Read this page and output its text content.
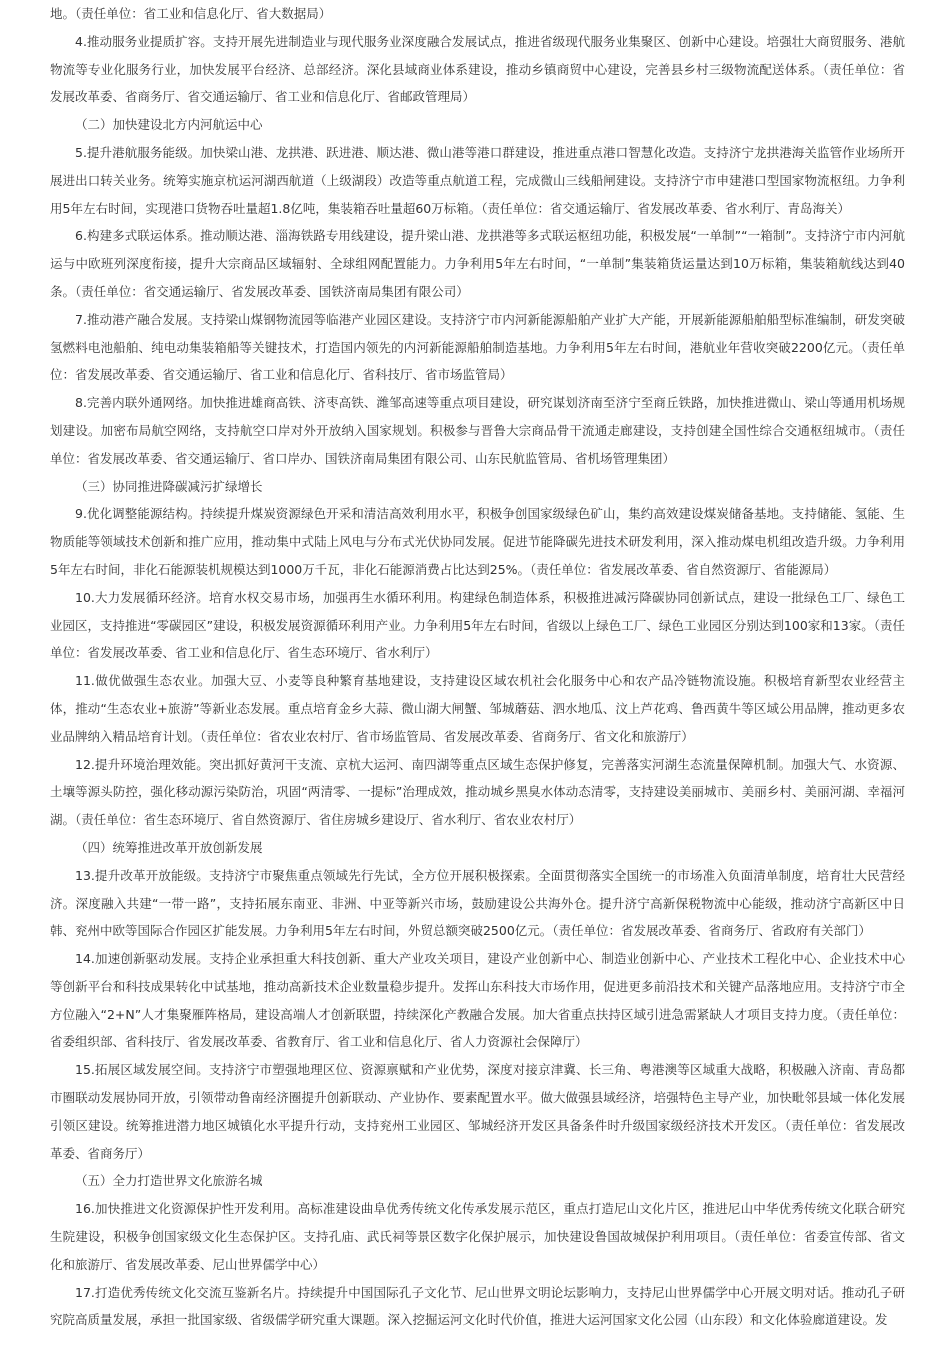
地。（责任单位：省工业和信息化厅、省大数据局）

4.推动服务业提质扩容。支持开展先进制造业与现代服务业深度融合发展试点，推进省级现代服务业集聚区、创新中心建设。培强壮大商贸服务、港航物流等专业化服务行业，加快发展平台经济、总部经济。深化县域商业体系建设，推动乡镇商贸中心建设，完善县乡村三级物流配送体系。（责任单位：省发展改革委、省商务厅、省交通运输厅、省工业和信息化厅、省邮政管理局）

（二）加快建设北方内河航运中心

5.提升港航服务能级。加快梁山港、龙拱港、跃进港、顺达港、微山港等港口群建设，推进重点港口智慧化改造。支持济宁龙拱港海关监管作业场所开展进出口转关业务。统筹实施京杭运河湖西航道（上级湖段）改造等重点航道工程，完成微山三线船闸建设。支持济宁市申建港口型国家物流枢纽。力争利用5年左右时间，实现港口货物吞吐量超1.8亿吨，集装箱吞吐量超60万标箱。（责任单位：省交通运输厅、省发展改革委、省水利厅、青岛海关）

6.构建多式联运体系。推动顺达港、淄海铁路专用线建设，提升梁山港、龙拱港等多式联运枢纽功能，积极发展“一单制”“一箱制”。支持济宁市内河航运与中欧班列深度衔接，提升大宗商品区域辐射、全球组网配置能力。力争利用5年左右时间，“一单制”集装箱货运量达到10万标箱，集装箱航线达到40条。（责任单位：省交通运输厅、省发展改革委、国铁济南局集团有限公司）

7.推动港产融合发展。支持梁山煤钢物流园等临港产业园区建设。支持济宁市内河新能源船舶产业扩大产能，开展新能源船舶船型标准编制，研发突破氢燃料电池船舶、纯电动集装箱船等关键技术，打造国内领先的内河新能源船舶制造基地。力争利用5年左右时间，港航业年营收突破2200亿元。（责任单位：省发展改革委、省交通运输厅、省工业和信息化厅、省科技厅、省市场监管局）

8.完善内联外通网络。加快推进雄商高铁、济枣高铁、潍邹高速等重点项目建设，研究谋划济南至济宁至商丘铁路，加快推进微山、梁山等通用机场规划建设。加密布局航空网络，支持航空口岸对外开放纳入国家规划。积极参与晋鲁大宗商品骨干流通走廊建设，支持创建全国性综合交通枢纽城市。（责任单位：省发展改革委、省交通运输厅、省口岸办、国铁济南局集团有限公司、山东民航监管局、省机场管理集团）

（三）协同推进降碳减污扩绿增长

9.优化调整能源结构。持续提升煤炭资源绿色开采和清洁高效利用水平，积极争创国家级绿色矿山，集约高效建设煤炭储备基地。支持储能、氢能、生物质能等领域技术创新和推广应用，推动集中式陆上风电与分布式光伏协同发展。促进节能降碳先进技术研发利用，深入推动煤电机组改造升级。力争利用5年左右时间，非化石能源装机规模达到1000万千瓦，非化石能源消费占比达到25%。（责任单位：省发展改革委、省自然资源厅、省能源局）

10.大力发展循环经济。培育水权交易市场，加强再生水循环利用。构建绿色制造体系，积极推进减污降碳协同创新试点，建设一批绿色工厂、绿色工业园区，支持推进“零碳园区”建设，积极发展资源循环利用产业。力争利用5年左右时间，省级以上绿色工厂、绿色工业园区分别达到100家和13家。（责任单位：省发展改革委、省工业和信息化厅、省生态环境厅、省水利厅）

11.做优做强生态农业。加强大豆、小麦等良种繁育基地建设，支持建设区域农机社会化服务中心和农产品冷链物流设施。积极培育新型农业经营主体，推动“生态农业+旅游”等新业态发展。重点培育金乡大蒜、微山湖大闸蟹、邹城蘑菇、泗水地瓜、汶上芦花鸡、鲁西黄牛等区域公用品牌，推动更多农业品牌纳入精品培育计划。（责任单位：省农业农村厅、省市场监管局、省发展改革委、省商务厅、省文化和旅游厅）

12.提升环境治理效能。突出抓好黄河干支流、京杭大运河、南四湖等重点区域生态保护修复，完善落实河湖生态流量保障机制。加强大气、水资源、土壤等源头防控，强化移动源污染防治，巩固“两清零、一提标”治理成效，推动城乡黑臭水体动态清零，支持建设美丽城市、美丽乡村、美丽河湖、幸福河湖。（责任单位：省生态环境厅、省自然资源厅、省住房城乡建设厅、省水利厅、省农业农村厅）

（四）统筹推进改革开放创新发展

13.提升改革开放能级。支持济宁市聚焦重点领域先行先试，全方位开展积极探索。全面贯彻落实全国统一的市场准入负面清单制度，培育壮大民营经济。深度融入共建“一带一路”，支持拓展东南亚、非洲、中亚等新兴市场，鼓励建设公共海外仓。提升济宁高新保税物流中心能级，推动济宁高新区中日韩、兖州中欧等国际合作园区扩能发展。力争利用5年左右时间，外贸总额突破2500亿元。（责任单位：省发展改革委、省商务厅、省政府有关部门）

14.加速创新驱动发展。支持企业承担重大科技创新、重大产业攻关项目，建设产业创新中心、制造业创新中心、产业技术工程化中心、企业技术中心等创新平台和科技成果转化中试基地，推动高新技术企业数量稳步提升。发挥山东科技大市场作用，促进更多前沿技术和关键产品落地应用。支持济宁市全方位融入“2+N”人才集聚雁阵格局，建设高端人才创新联盟，持续深化产教融合发展。加大省重点扶持区域引进急需紧缺人才项目支持力度。（责任单位：省委组织部、省科技厅、省发展改革委、省教育厅、省工业和信息化厅、省人力资源社会保障厅）

15.拓展区域发展空间。支持济宁市塑强地理区位、资源禀赋和产业优势，深度对接京津冀、长三角、粤港澳等区域重大战略，积极融入济南、青岛都市圈联动发展协同开放，引领带动鲁南经济圈提升创新联动、产业协作、要素配置水平。做大做强县域经济，培强特色主导产业，加快毗邻县域一体化发展引领区建设。统筹推进潜力地区城镇化水平提升行动，支持兖州工业园区、邹城经济开发区具备条件时升级国家级经济技术开发区。（责任单位：省发展改革委、省商务厅）

（五）全力打造世界文化旅游名城

16.加快推进文化资源保护性开发利用。高标准建设曲阜优秀传统文化传承发展示范区，重点打造尼山文化片区，推进尼山中华优秀传统文化联合研究生院建设，积极争创国家级文化生态保护区。支持孔庙、武氏祠等景区数字化保护展示，加快建设鲁国故城保护利用项目。（责任单位：省委宣传部、省文化和旅游厅、省发展改革委、尼山世界儒学中心）

17.打造优秀传统文化交流互鉴新名片。持续提升中国国际孔子文化节、尼山世界文明论坛影响力，支持尼山世界儒学中心开展文明对话。推动孔子研究院高质量发展，承担一批国家级、省级儒学研究重大课题。深入挖掘运河文化时代价值，推进大运河国家文化公园（山东段）和文化体验廊道建设。发
